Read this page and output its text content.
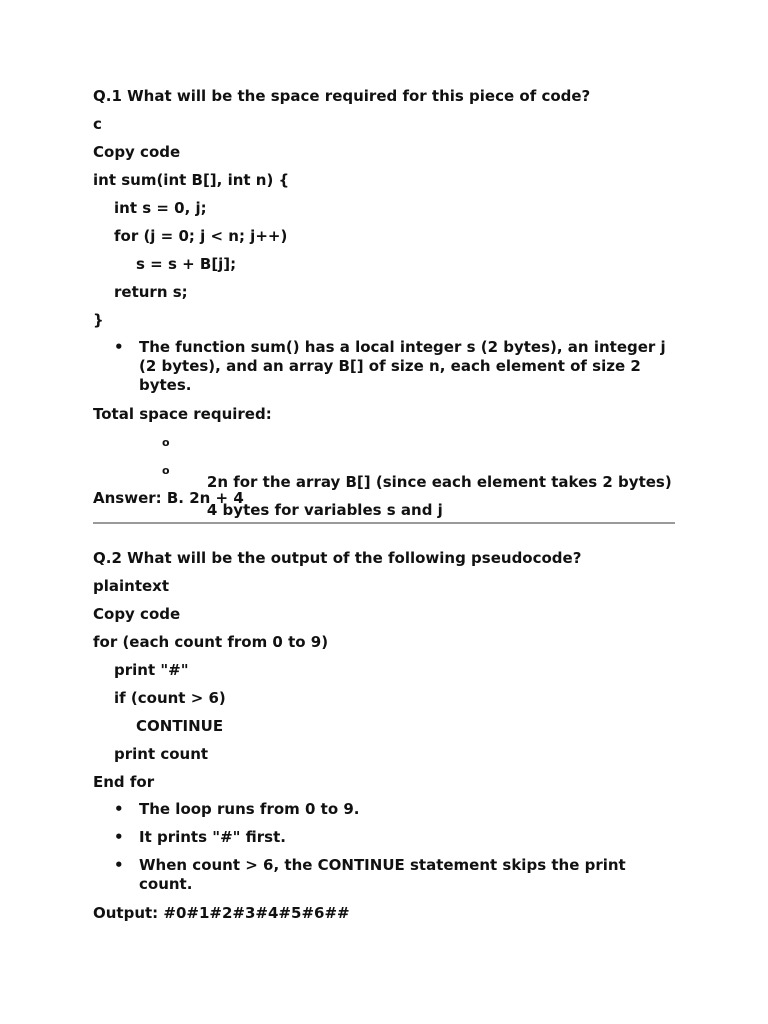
Q.1 What will be the space required for this piece of code?
c
Copy code
int sum(int B[], int n) {
int s = 0, j;
for (j = 0; j < n; j++)
s = s + B[j];
return s;
}
• The function sum() has a local integer s (2 bytes), an integer j (2 bytes), and an array B[] of size n, each element of size 2 bytes.
Total space required:

o

2n for the array B[] (since each element takes 2 bytes)

o

4 bytes for variables s and j

Answer: B. 2n + 4
Q.2 What will be the output of the following pseudocode?
plaintext
Copy code
for (each count from 0 to 9)
print "#"
if (count > 6)
CONTINUE
print count
End for
• The loop runs from 0 to 9.
• It prints "#" first.
• When count > 6, the CONTINUE statement skips the print count.
Output: #0#1#2#3#4#5#6##
